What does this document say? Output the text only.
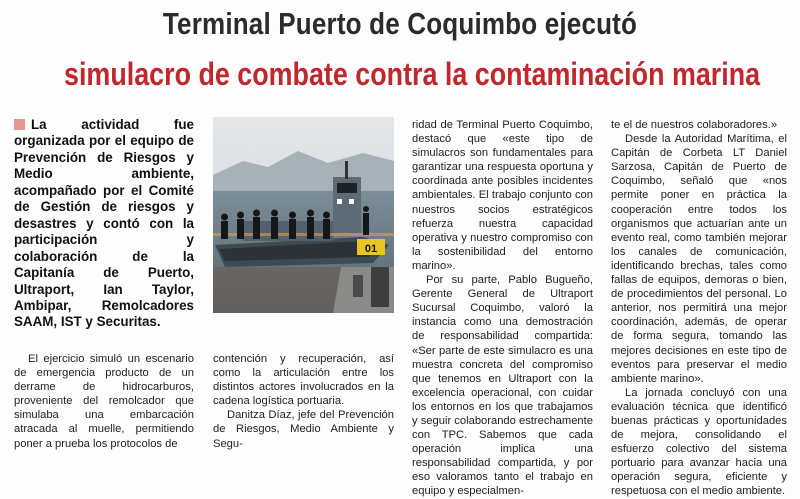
Terminal Puerto de Coquimbo ejecutó
simulacro de combate contra la contaminación marina
La actividad fue organizada por el equipo de Prevención de Riesgos y Medio ambiente, acompañado por el Comité de Gestión de riesgos y desastres y contó con la participación y colaboración de la Capitanía de Puerto, Ultraport, Ian Taylor, Ambipar, Remolcadores SAAM, IST y Securitas.

El ejercicio simuló un escenario de emergencia producto de un derrame de hidrocarburos, proveniente del remolcador que simulaba una embarcación atracada al muelle, permitiendo poner a prueba los protocolos de

01

contención y recuperación, así como la articulación entre los distintos actores involucrados en la cadena logística portuaria.

Danitza Díaz, jefe del Prevención de Riesgos, Medio Ambiente y Segu-

ridad de Terminal Puerto Coquimbo, destacó que «este tipo de simulacros son fundamentales para garantizar una respuesta oportuna y coordinada ante posibles incidentes ambientales. El trabajo conjunto con nuestros socios estratégicos refuerza nuestra capacidad operativa y nuestro compromiso con la sostenibilidad del entorno marino».

Por su parte, Pablo Bugueño, Gerente General de Ultraport Sucursal Coquimbo, valoró la instancia como una demostración de responsabilidad compartida: «Ser parte de este simulacro es una muestra concreta del compromiso que tenemos en Ultraport con la excelencia operacional, con cuidar los entornos en los que trabajamos y seguir colaborando estrechamente con TPC. Sabemos que cada operación implica una responsabilidad compartida, y por eso valoramos tanto el trabajo en equipo y especialmen-

te el de nuestros colaboradores.»

Desde la Autoridad Marítima, el Capitán de Corbeta LT Daniel Sarzosa, Capitán de Puerto de Coquimbo, señaló que «nos permite poner en práctica la cooperación entre todos los organismos que actuarían ante un evento real, como también mejorar los canales de comunicación, identificando brechas, tales como fallas de equipos, demoras o bien, de procedimientos del personal. Lo anterior, nos permitirá una mejor coordinación, además, de operar de forma segura, tomando las mejores decisiones en este tipo de eventos para preservar el medio ambiente marino».

La jornada concluyó con una evaluación técnica que identificó buenas prácticas y oportunidades de mejora, consolidando el esfuerzo colectivo del sistema portuario para avanzar hacia una operación segura, eficiente y respetuosa con el medio ambiente.
